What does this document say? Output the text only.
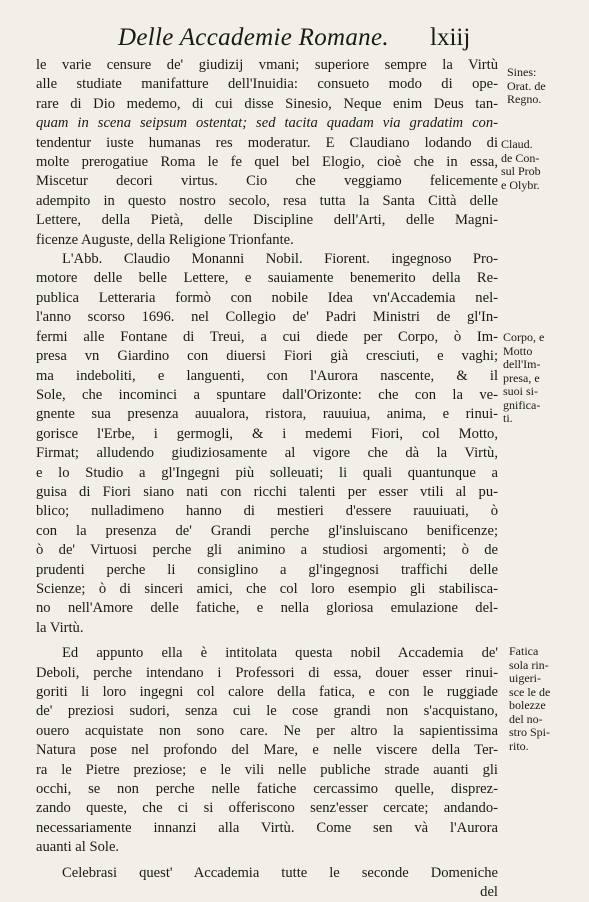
Delle Accademie Romane. lxiij
le varie censure de' giudizij vmani; superiore sempre la Virtù
alle studiate manifatture dell'Inuidia: consueto modo di ope-
rare di Dio medemo, di cui disse Sinesio, Neque enim Deus tan-
quam in scena seipsum ostentat; sed tacita quadam via gradatim con-
tendentur iuste humanas res moderatur. E Claudiano lodando di
molte prerogatiue Roma le fe quel bel Elogio, cioè che in essa,
Miscetur decori virtus. Cio che veggiamo felicemente
adempito in questo nostro secolo, resa tutta la Santa Città delle
Lettere, della Pietà, delle Discipline dell'Arti, delle Magni-
ficenze Auguste, della Religione Trionfante.
L'Abb. Claudio Monanni Nobil. Fiorent. ingegnoso Pro-
motore delle belle Lettere, e sauiamente benemerito della Re-
publica Letteraria formò con nobile Idea vn'Accademia nel-
l'anno scorso 1696. nel Collegio de' Padri Ministri de gl'In-
fermi alle Fontane di Treui, a cui diede per Corpo, ò Im-
presa vn Giardino con diuersi Fiori già cresciuti, e vaghi;
ma indeboliti, e languenti, con l'Aurora nascente, & il
Sole, che incominci a spuntare dall'Orizonte: che con la ve-
gnente sua presenza auualora, ristora, rauuiua, anima, e rinui-
gorisce l'Erbe, i germogli, & i medemi Fiori, col Motto,
Firmat; alludendo giudiziosamente al vigore che dà la Virtù,
e lo Studio a gl'Ingegni più solleuati; li quali quantunque a
guisa di Fiori siano nati con ricchi talenti per esser vtili al pu-
blico; nulladimeno hanno di mestieri d'essere rauuiuati, ò
con la presenza de' Grandi perche gl'insluiscano benificenze;
ò de' Virtuosi perche gli animino a studiosi argomenti; ò de
prudenti perche li consiglino a gl'ingegnosi traffichi delle
Scienze; ò di sinceri amici, che col loro esempio gli stabilisca-
no nell'Amore delle fatiche, e nella gloriosa emulazione del-
la Virtù.
Ed appunto ella è intitolata questa nobil Accademia de'
Deboli, perche intendano i Professori di essa, douer esser rinui-
goriti li loro ingegni col calore della fatica, e con le ruggiade
de' preziosi sudori, senza cui le cose grandi non s'acquistano,
ouero acquistate non sono care. Ne per altro la sapientissima
Natura pose nel profondo del Mare, e nelle viscere della Ter-
ra le Pietre preziose; e le vili nelle publiche strade auanti gli
occhi, se non perche nelle fatiche cercassimo quelle, disprez-
zando queste, che ci si offeriscono senz'esser cercate; andando-
necessariamente innanzi alla Virtù. Come sen và l'Aurora
auanti al Sole.
Celebrasi quest' Accademia tutte le seconde Domeniche
del
Sines:
Orat. de
Regno.
Claud.
de Con-
sul Prob
e Olybr.
Corpo, e
Motto
dell'Im-
presa, e
suoi si-
gnifica-
ti.
Fatica
sola rin-
uigeri-
sce le de
bolezze
del no-
stro Spi-
rito.
